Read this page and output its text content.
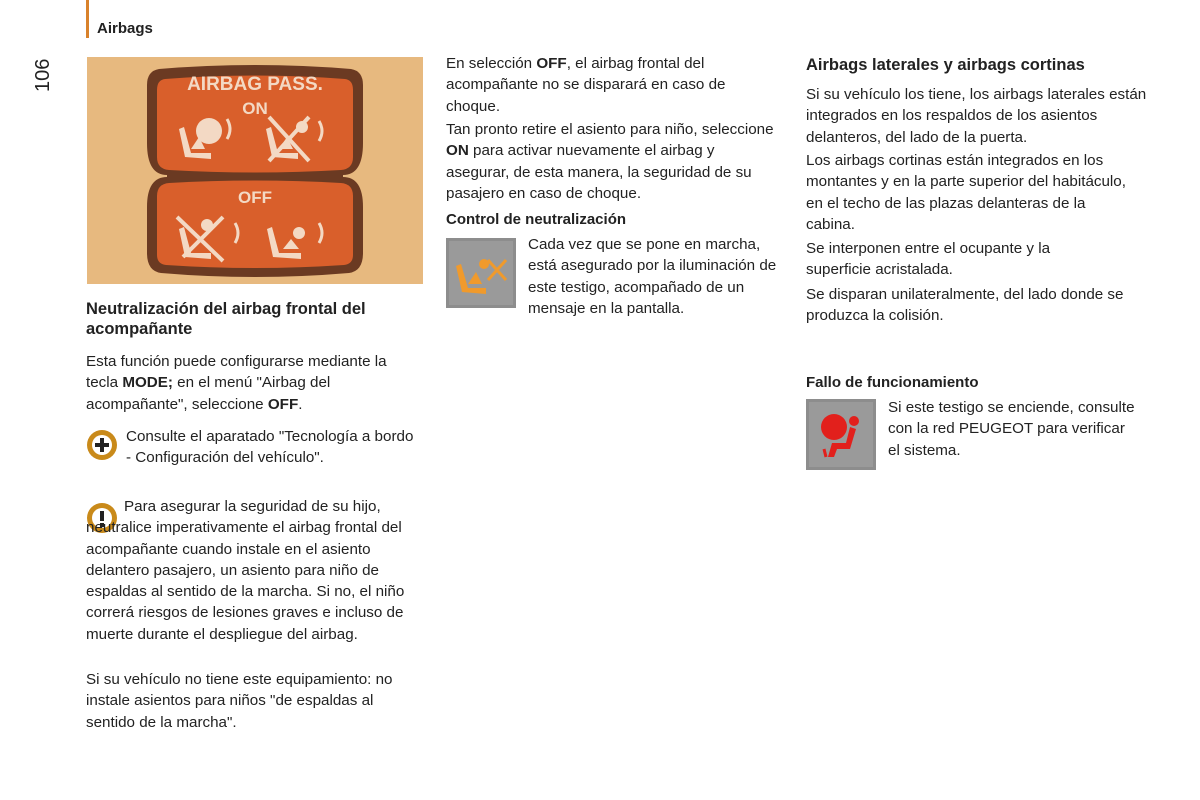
Airbags
106	AIRBAG PASS.
ON
OFF
Neutralización del airbag frontal del acompañante

Esta función puede configurarse mediante la tecla MODE; en el menú "Airbag del acompañante", seleccione OFF.

Consulte el aparatado "Tecnología a bordo - Configuración del vehículo".

Para asegurar la seguridad de su hijo, neutralice imperativamente el airbag frontal del acompañante cuando instale en el asiento delantero pasajero, un asiento para niño de espaldas al sentido de la marcha. Si no, el niño correrá riesgos de lesiones graves e incluso de muerte durante el despliegue del airbag.

Si su vehículo no tiene este equipamiento: no instale asientos para niños "de espaldas al sentido de la marcha".

En selección OFF, el airbag frontal del acompañante no se disparará en caso de choque.

Tan pronto retire el asiento para niño, seleccione ON para activar nuevamente el airbag y asegurar, de esta manera, la seguridad de su pasajero en caso de choque.

Control de neutralización

Cada vez que se pone en marcha, está asegurado por la iluminación de este testigo, acompañado de un mensaje en la pantalla.

Airbags laterales y airbags cortinas

Si su vehículo los tiene, los airbags laterales están integrados en los respaldos de los asientos delanteros, del lado de la puerta.

Los airbags cortinas están integrados en los montantes y en la parte superior del habitáculo, en el techo de las plazas delanteras de la cabina.

Se interponen entre el ocupante y la superficie acristalada.

Se disparan unilateralmente, del lado donde se produzca la colisión.

Fallo de funcionamiento

Si este testigo se enciende, consulte con la red PEUGEOT para verificar el sistema.
